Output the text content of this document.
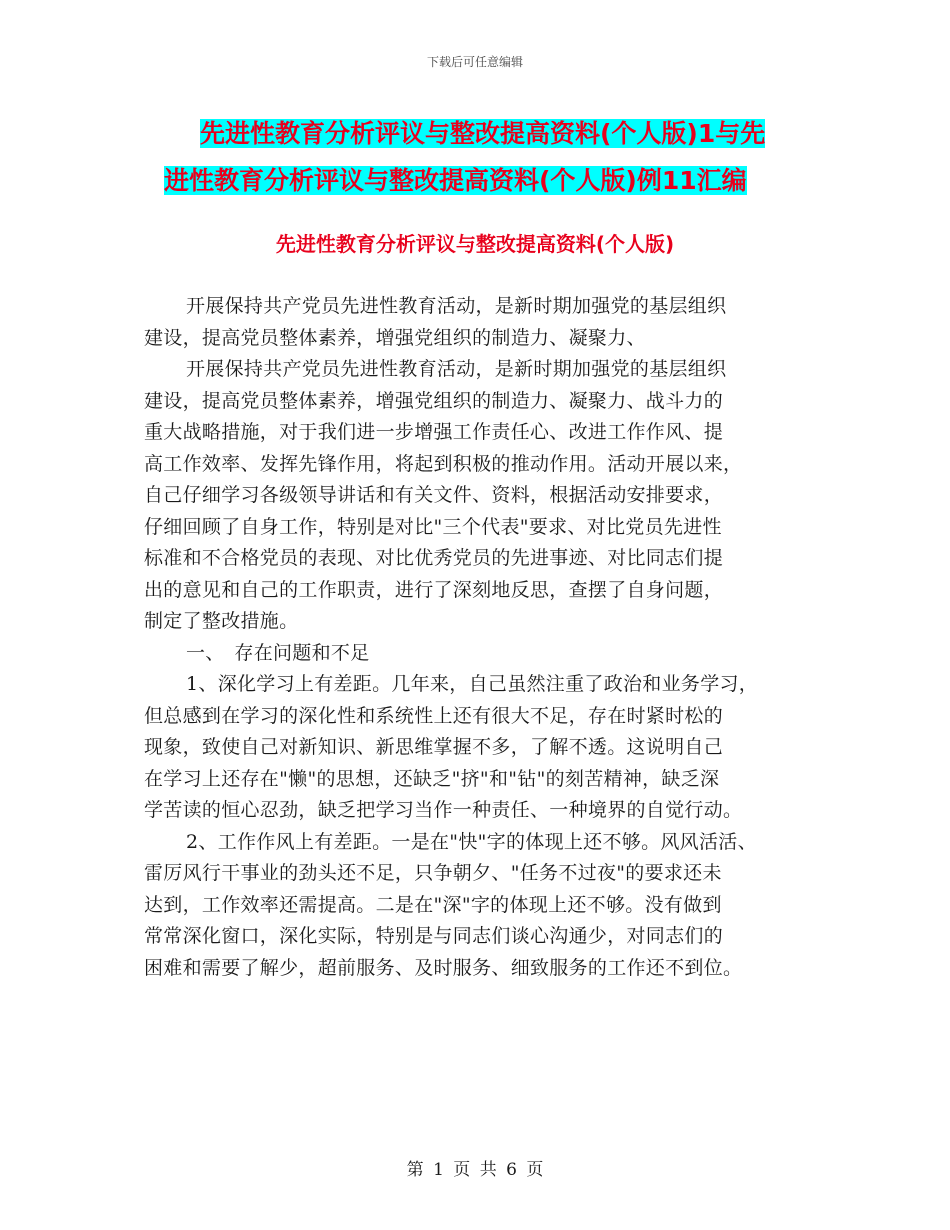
下载后可任意编辑
先进性教育分析评议与整改提高资料(个人版)1与先
进性教育分析评议与整改提高资料(个人版)例11汇编
先进性教育分析评议与整改提高资料(个人版)
开展保持共产党员先进性教育活动，是新时期加强党的基层组织
建设，提高党员整体素养，增强党组织的制造力、凝聚力、
开展保持共产党员先进性教育活动，是新时期加强党的基层组织
建设，提高党员整体素养，增强党组织的制造力、凝聚力、战斗力的
重大战略措施，对于我们进一步增强工作责任心、改进工作作风、提
高工作效率、发挥先锋作用，将起到积极的推动作用。活动开展以来，
自己仔细学习各级领导讲话和有关文件、资料，根据活动安排要求，
仔细回顾了自身工作，特别是对比"三个代表"要求、对比党员先进性
标准和不合格党员的表现、对比优秀党员的先进事迹、对比同志们提
出的意见和自己的工作职责，进行了深刻地反思，查摆了自身问题，
制定了整改措施。
一、　存在问题和不足
1、深化学习上有差距。几年来，自己虽然注重了政治和业务学习，
但总感到在学习的深化性和系统性上还有很大不足，存在时紧时松的
现象，致使自己对新知识、新思维掌握不多，了解不透。这说明自己
在学习上还存在"懒"的思想，还缺乏"挤"和"钻"的刻苦精神，缺乏深
学苦读的恒心忍劲，缺乏把学习当作一种责任、一种境界的自觉行动。
2、工作作风上有差距。一是在"快"字的体现上还不够。风风活活、
雷厉风行干事业的劲头还不足，只争朝夕、"任务不过夜"的要求还未
达到，工作效率还需提高。二是在"深"字的体现上还不够。没有做到
常常深化窗口，深化实际，特别是与同志们谈心沟通少，对同志们的
困难和需要了解少，超前服务、及时服务、细致服务的工作还不到位。
第 1 页 共 6 页
